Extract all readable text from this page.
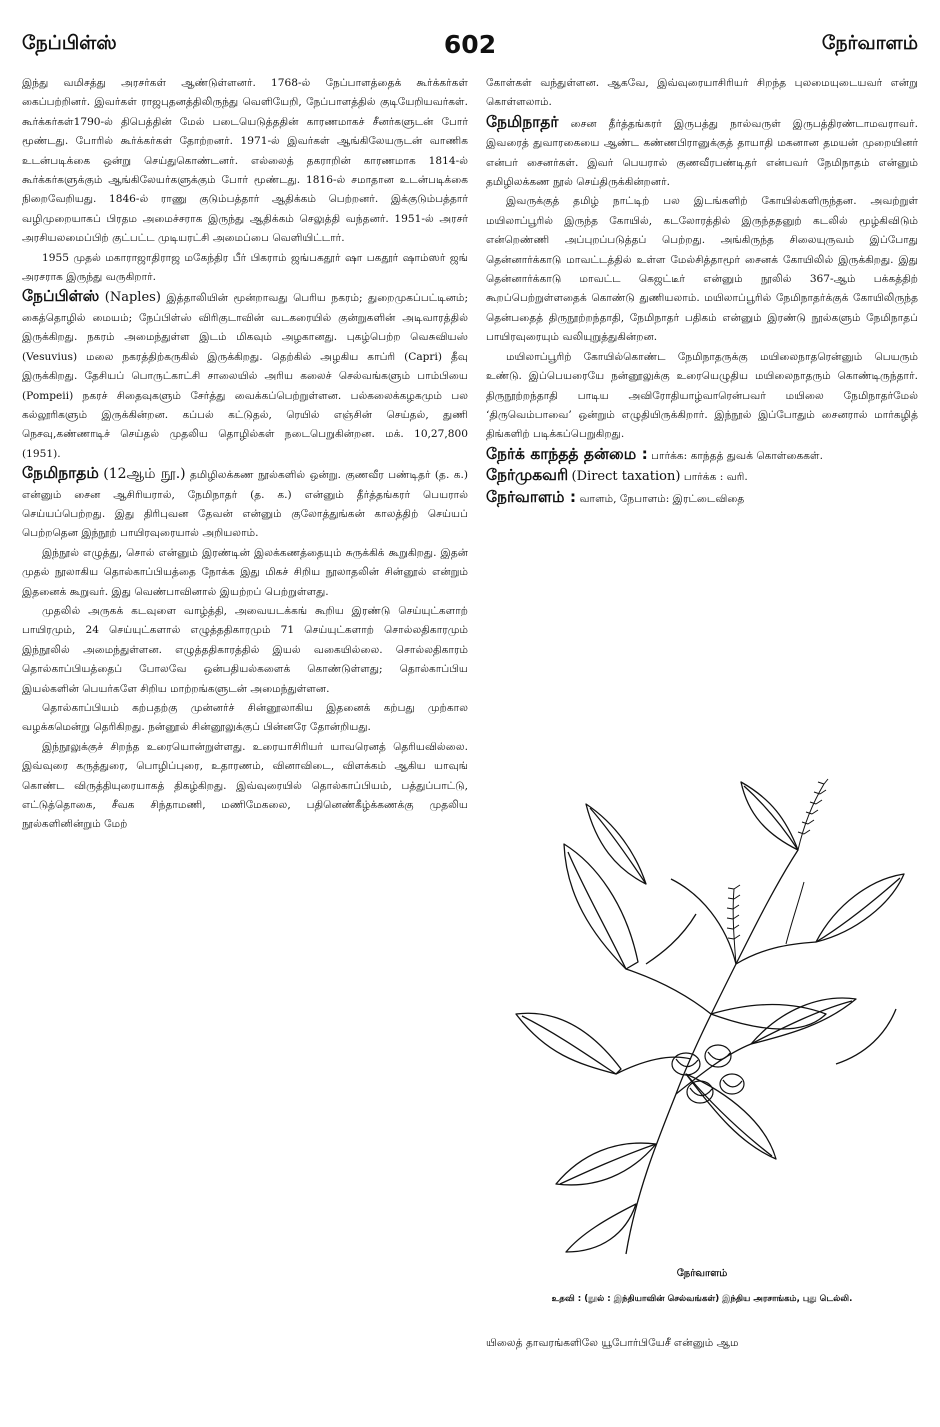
நேப்பிள்ஸ்	602	நேர்வாளம்

இந்து வமிசத்து அரசர்கள் ஆண்டுள்ளனர். 1768-ல் நேப்பாளத்தைக் கூர்க்கர்கள் கைப்பற்றினர். இவர்கள் ராஜபுதனத்திலிருந்து வெளியேறி, நேப்பாளத்தில் குடியேறியவர்கள். கூர்க்கர்கள்1790-ல் திபெத்தின் மேல் படையெடுத்ததின் காரணமாகச் சீனர்களுடன் போர் மூண்டது. போரில் கூர்க்கர்கள் தோற்றனர். 1971-ல் இவர்கள் ஆங்கிலேயருடன் வாணிக உடன்படிக்கை ஒன்று செய்துகொண்டனர். எல்லைத் தகராறின் காரணமாக 1814-ல் கூர்க்கர்களுக்கும் ஆங்கிலேயர்களுக்கும் போர் மூண்டது. 1816-ல் சமாதான உடன்படிக்கை நிறைவேறியது. 1846-ல் ராணு குடும்பத்தார் ஆதிக்கம் பெற்றனர். இக்குடும்பத்தார் வழிமுறையாகப் பிரதம அமைச்சராக இருந்து ஆதிக்கம் செலுத்தி வந்தனர். 1951-ல் அரசர் அரசியலமைப்பிற் குட்பட்ட முடியரட்சி அமைப்பை வெளியிட்டார்.

1955 முதல் மகாராஜாதிராஜ மகேந்திர பீர் பிகராம் ஜங்பகதூர் ஷா பகதூர் ஷாம்ஸர் ஜங் அரசராக இருந்து வருகிறார்.

நேப்பிள்ஸ் (Naples) இத்தாலியின் மூன்றாவது பெரிய நகரம்; துறைமுகப்பட்டினம்; கைத்தொழில் மையம்; நேப்பிள்ஸ் விரிகுடாவின் வடகரையில் குன்றுகளின் அடிவாரத்தில் இருக்கிறது. நகரம் அமைந்துள்ள இடம் மிகவும் அழகானது. புகழ்பெற்ற வெசுவியஸ் (Vesuvius) மலை நகரத்திற்கருகில் இருக்கிறது. தெற்கில் அழகிய காப்ரி (Capri) தீவு இருக்கிறது. தேசியப் பொருட்காட்சி சாலையில் அரிய கலைச் செல்வங்களும் பாம்பியை (Pompeii) நகரச் சிதைவுகளும் சேர்த்து வைக்கப்பெற்றுள்ளன. பல்கலைக்கழகமும் பல கல்லூரிகளும் இருக்கின்றன. கப்பல் கட்டுதல், ரெயில் எஞ்சின் செய்தல், துணி நெசவு,கண்ணாடிச் செய்தல் முதலிய தொழில்கள் நடைபெறுகின்றன. மக். 10,27,800 (1951).

நேமிநாதம் (12ஆம் நூ.) தமிழிலக்கண நூல்களில் ஒன்று. குணவீர பண்டிதர் (த. க.) என்னும் சைன ஆசிரியரால், நேமிநாதர் (த. க.) என்னும் தீர்த்தங்கரர் பெயரால் செய்யப்பெற்றது. இது திரிபுவன தேவன் என்னும் குலோத்துங்கன் காலத்திற் செய்யப் பெற்றதென இந்நூற் பாயிரவுரையால் அறியலாம்.

இந்நூல் எழுத்து, சொல் என்னும் இரண்டின் இலக்கணத்தையும் சுருக்கிக் கூறுகிறது. இதன் முதல் நூலாகிய தொல்காப்பியத்தை நோக்க இது மிகச் சிறிய நூலாதலின் சின்னூல் என்றும் இதனைக் கூறுவர். இது வெண்பாவினால் இயற்றப் பெற்றுள்ளது.

முதலில் அருகக் கடவுளை வாழ்த்தி, அவையடக்கங் கூறிய இரண்டு செய்யுட்களாற் பாயிரமும், 24 செய்யுட்களால் எழுத்ததிகாரமும் 71 செய்யுட்களாற் சொல்லதிகாரமும் இந்நூலில் அமைந்துள்ளன. எழுத்ததிகாரத்தில் இயல் வகையில்லை. சொல்லதிகாரம் தொல்காப்பியத்தைப் போலவே ஒன்பதியல்களைக் கொண்டுள்ளது; தொல்காப்பிய இயல்களின் பெயர்களே சிறிய மாற்றங்களுடன் அமைந்துள்ளன.

தொல்காப்பியம் கற்பதற்கு முன்னர்ச் சின்னூலாகிய இதனைக் கற்பது முற்கால வழக்கமென்று தெரிகிறது. நன்னூல் சின்னூலுக்குப் பின்னரே தோன்றியது.

இந்நூலுக்குச் சிறந்த உரையொன்றுள்ளது. உரையாசிரியர் யாவரெனத் தெரியவில்லை. இவ்வுரை கருத்துரை, பொழிப்புரை, உதாரணம், வினாவிடை, விளக்கம் ஆகிய யாவுங் கொண்ட விருத்தியுரையாகத் திகழ்கிறது. இவ்வுரையில் தொல்காப்பியம், பத்துப்பாட்டு, எட்டுத்தொகை, சீவக சிந்தாமணி, மணிமேகலை, பதினெண்கீழ்க்கணக்கு முதலிய நூல்களினின்றும் மேற்

கோள்கள் வந்துள்ளன. ஆகவே, இவ்வுரையாசிரியர் சிறந்த புலமையுடையவர் என்று கொள்ளலாம்.

நேமிநாதர் சைன தீர்த்தங்கரர் இருபத்து நால்வருள் இருபத்திரண்டாமவராவர். இவரைத் துவாரகையை ஆண்ட கண்ணபிரானுக்குத் தாயாதி மகனான தமயன் முறையினர் என்பர் சைனர்கள். இவர் பெயரால் குணவீரபண்டிதர் என்பவர் நேமிநாதம் என்னும் தமிழிலக்கண நூல் செய்திருக்கின்றனர்.

இவருக்குத் தமிழ் நாட்டிற் பல இடங்களிற் கோயில்களிருந்தன. அவற்றுள் மயிலாப்பூரில் இருந்த கோயில், கடலோரத்தில் இருந்ததனுற் கடலில் மூழ்கிவிடும் என்றெண்ணி அப்புறப்படுத்தப் பெற்றது. அங்கிருந்த சிலையுருவம் இப்போது தென்னார்க்காடு மாவட்டத்தில் உள்ள மேல்சித்தாமூர் சைனக் கோயிலில் இருக்கிறது. இது தென்னார்க்காடு மாவட்ட கெஜட்டீர் என்னும் நூலில் 367-ஆம் பக்கத்திற் கூறப்பெற்றுள்ளதைக் கொண்டு துணியலாம். மயிலாப்பூரில் நேமிநாதர்க்குக் கோயிலிருந்த தென்பதைத் திருநூற்றந்தாதி, நேமிநாதர் பதிகம் என்னும் இரண்டு நூல்களும் நேமிநாதப் பாயிரவுரையும் வலியுறுத்துகின்றன.

மயிலாப்பூரிற் கோயில்கொண்ட நேமிநாதருக்கு மயிலைநாதரென்னும் பெயரும் உண்டு. இப்பெயரையே நன்னூலுக்கு உரையெழுதிய மயிலைநாதரும் கொண்டிருந்தார். திருநூற்றந்தாதி பாடிய அவிரோதியாழ்வாரென்பவர் மயிலை நேமிநாதர்மேல் ‘திருவெம்பாவை’ ஒன்றும் எழுதியிருக்கிறார். இந்நூல் இப்போதும் சைனரால் மார்கழித் திங்களிற் படிக்கப்பெறுகிறது.

நேர்க் காந்தத் தன்மை : பார்க்க: காந்தத் துவக் கொள்கைகள்.

நேர்முகவரி (Direct taxation) பார்க்க : வரி.

நேர்வாளம் : வாளம், நேபாளம்: இரட்டைவிதை

நேர்வாளம்
உதவி : (நூல் : இந்தியாவின் செல்வங்கள்) இந்திய அரசாங்கம், புது டெல்லி.
யிலைத் தாவரங்களிலே யூபோர்பியேசீ என்னும் ஆம
